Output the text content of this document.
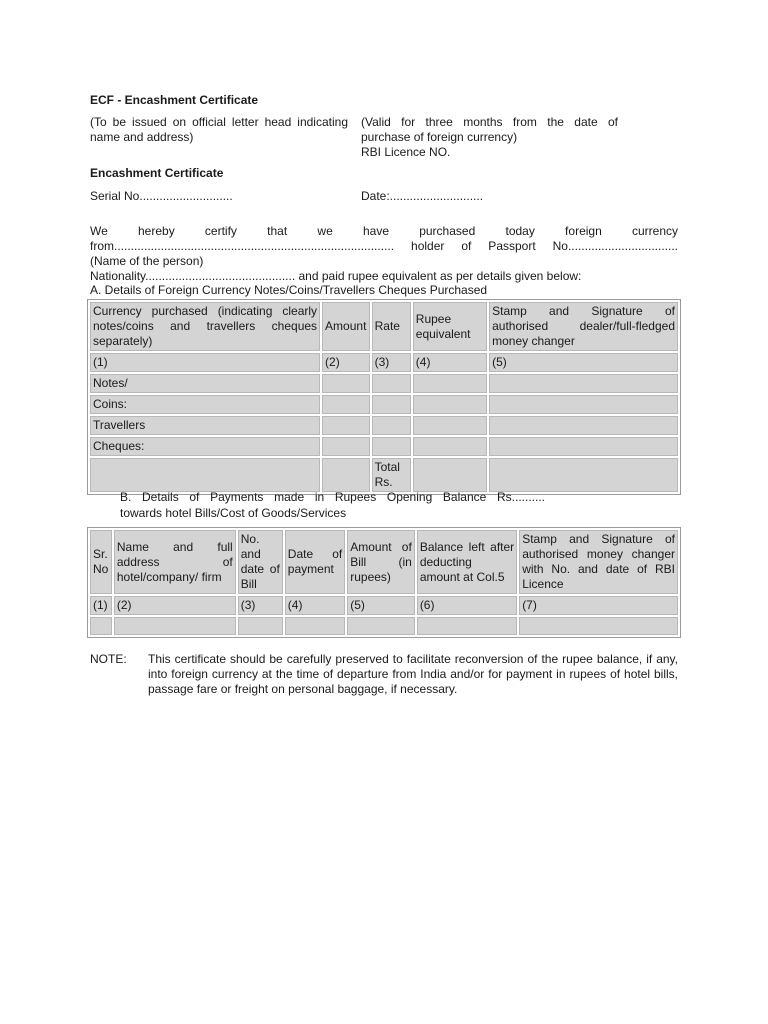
ECF - Encashment Certificate
(To be issued on official letter head indicating
name and address)
(Valid for three months from the date of
purchase of foreign currency)
RBI Licence NO.
Encashment Certificate
Serial No............................	Date:............................
We hereby certify that we have purchased today foreign currency
from.................................................................................... holder of Passport No.................................
(Name of the person)
Nationality............................................. and paid rupee equivalent as per details given below:
A. Details of Foreign Currency Notes/Coins/Travellers Cheques Purchased
Currency purchased (indicating clearly notes/coins and travellers cheques separately)	Amount	Rate	Rupee equivalent	Stamp and Signature of authorised dealer/full-fledged money changer
(1)	(2)	(3)	(4)	(5)
Notes/				
Coins:				
Travellers				
Cheques:				
		Total Rs.		
B. Details of Payments made in Rupees Opening Balance Rs..........
towards hotel Bills/Cost of Goods/Services
Sr. No	Name and full address of hotel/company/ firm	No. and date of Bill	Date of payment	Amount of Bill (in rupees)	Balance left after deducting amount at Col.5	Stamp and Signature of authorised money changer with No. and date of RBI Licence
(1)	(2)	(3)	(4)	(5)	(6)	(7)

NOTE: This certificate should be carefully preserved to facilitate reconversion of the rupee balance, if any, into foreign currency at the time of departure from India and/or for payment in rupees of hotel bills, passage fare or freight on personal baggage, if necessary.
